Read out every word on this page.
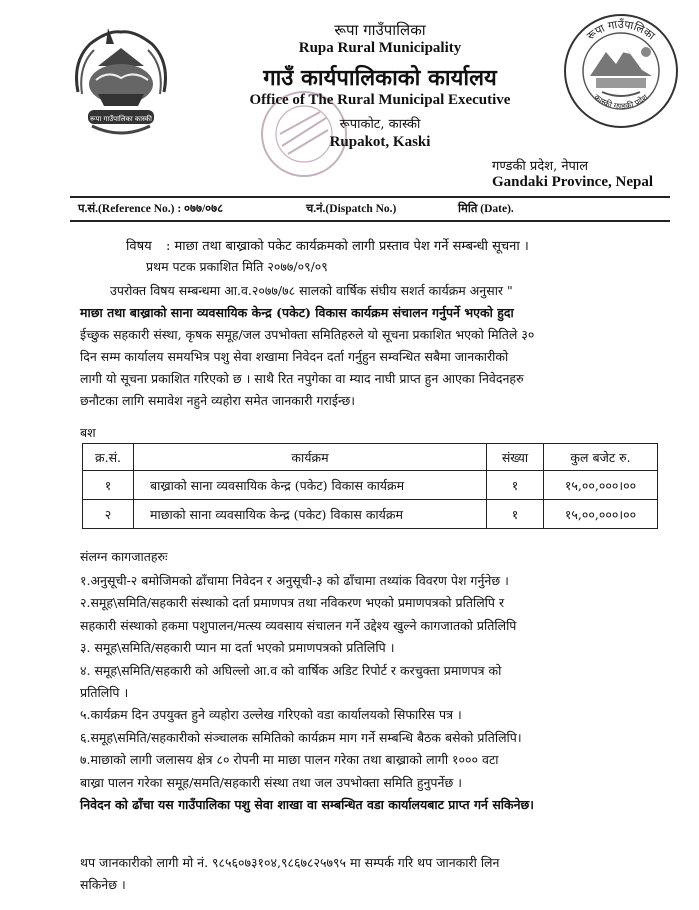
रूपा गाउँपालिका कास्की
रूपा गाउँपालिका
कास्की गण्डकी प्रदेश
रूपा गाउँपालिका
Rupa Rural Municipality
गाउँ कार्यपालिकाको कार्यालय
Office of The Rural Municipal Executive
रूपाकोट, कास्की
Rupakot, Kaski
गण्डकी प्रदेश, नेपाल
Gandaki Province, Nepal
प.सं.(Reference No.) : ०७७/०७८	च.नं.(Dispatch No.)	मिति (Date).
विषय : माछा तथा बाख्राको पकेट कार्यक्रमको लागी प्रस्ताव पेश गर्ने सम्बन्धी सूचना ।
प्रथम पटक प्रकाशित मिति २०७७/०९/०९
उपरोक्त विषय सम्बन्धमा आ.व.२०७७/७८ सालको वार्षिक संघीय सशर्त कार्यक्रम अनुसार "
माछा तथा बाख्राको साना व्यवसायिक केन्द्र (पकेट) विकास कार्यक्रम संचालन गर्नुपर्ने भएको हुदा
ईच्छुक सहकारी संस्था, कृषक समूह/जल उपभोक्ता समितिहरुले यो सूचना प्रकाशित भएको मितिले ३०
दिन सम्म कार्यालय समयभित्र पशु सेवा शखामा निवेदन दर्ता गर्नुहुन सम्वन्धित सबैमा जानकारीको
लागी यो सूचना प्रकाशित गरिएको छ । साथै रित नपुगेका वा म्याद नाघी प्राप्त हुन आएका निवेदनहरु
छनौटका लागि समावेश नहुने व्यहोरा समेत जानकारी गराईन्छ।
बश
क्र.सं.	कार्यक्रम	संख्या	कुल बजेट रु.
१	बाख्राको साना व्यवसायिक केन्द्र (पकेट) विकास कार्यक्रम	१	१५,००,०००।००
२	माछाको साना व्यवसायिक केन्द्र (पकेट) विकास कार्यक्रम	१	१५,००,०००।००
संलग्न कागजातहरुः
१.अनुसूची-२ बमोजिमको ढाँचामा निवेदन र अनुसूची-३ को ढाँचामा तथ्यांक विवरण पेश गर्नुनेछ ।
२.समूह\समिति/सहकारी संस्थाको दर्ता प्रमाणपत्र तथा नविकरण भएको प्रमाणपत्रको प्रतिलिपि र
सहकारी संस्थाको हकमा पशुपालन/मत्स्य व्यवसाय संचालन गर्ने उद्देश्य खुल्ने कागजातको प्रतिलिपि
३. समूह\समिति/सहकारी प्यान मा दर्ता भएको प्रमाणपत्रको प्रतिलिपि ।
४. समूह\समिति/सहकारी को अघिल्लो आ.व को वार्षिक अडिट रिपोर्ट र करचुक्ता प्रमाणपत्र को
प्रतिलिपि ।
५.कार्यक्रम दिन उपयुक्त हुने व्यहोरा उल्लेख गरिएको वडा कार्यालयको सिफारिस पत्र ।
६.समूह\समिति/सहकारीको संञ्चालक समितिको कार्यक्रम माग गर्ने सम्बन्धि बैठक बसेको प्रतिलिपि।
७.माछाको लागी जलासय क्षेत्र ८० रोपनी मा माछा पालन गरेका तथा बाख्राको लागी १००० वटा
बाख्रा पालन गरेका समूह/समति/सहकारी संस्था तथा जल उपभोक्ता समिति हुनुपर्नेछ ।
निवेदन को ढाँचा यस गाउँपालिका पशु सेवा शाखा वा सम्बन्धित वडा कार्यालयबाट प्राप्त गर्न सकिनेछ।
थप जानकारीको लागी मो नं. ९८५६०७३१०४,९८६७८२५७९५ मा सम्पर्क गरि थप जानकारी लिन
सकिनेछ ।
